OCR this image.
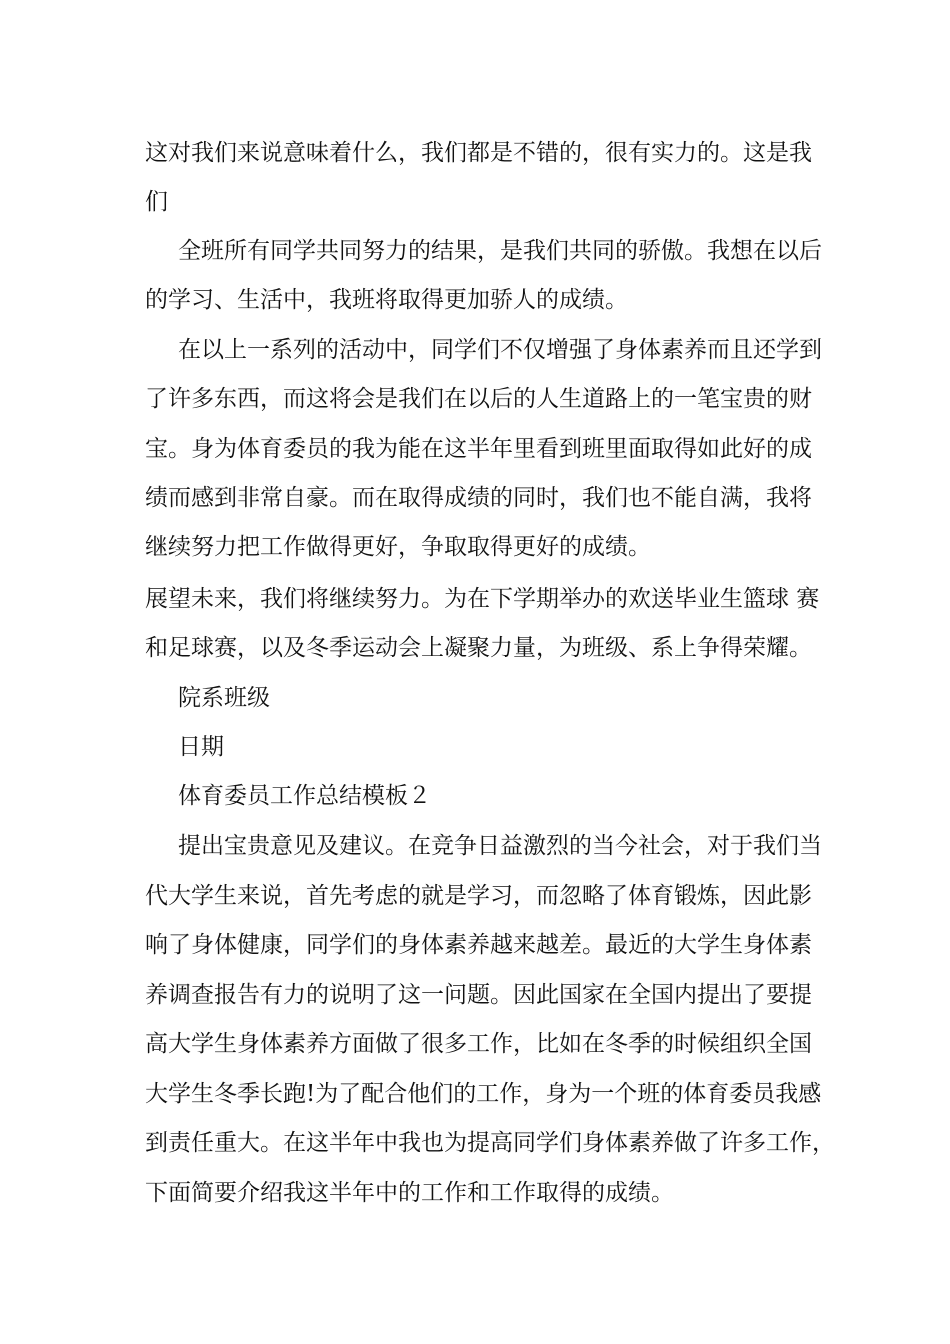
这对我们来说意味着什么，我们都是不错的，很有实力的。这是我
们
全班所有同学共同努力的结果，是我们共同的骄傲。我想在以后
的学习、生活中，我班将取得更加骄人的成绩。
在以上一系列的活动中，同学们不仅增强了身体素养而且还学到
了许多东西，而这将会是我们在以后的人生道路上的一笔宝贵的财
宝。身为体育委员的我为能在这半年里看到班里面取得如此好的成
绩而感到非常自豪。而在取得成绩的同时，我们也不能自满，我将
继续努力把工作做得更好，争取取得更好的成绩。
展望未来，我们将继续努力。为在下学期举办的欢送毕业生篮球 赛
和足球赛，以及冬季运动会上凝聚力量，为班级、系上争得荣耀。
院系班级
日期
体育委员工作总结模板２
提出宝贵意见及建议。在竞争日益激烈的当今社会，对于我们当
代大学生来说，首先考虑的就是学习，而忽略了体育锻炼，因此影
响了身体健康，同学们的身体素养越来越差。最近的大学生身体素
养调查报告有力的说明了这一问题。因此国家在全国内提出了要提
高大学生身体素养方面做了很多工作，比如在冬季的时候组织全国
大学生冬季长跑!为了配合他们的工作，身为一个班的体育委员我感
到责任重大。在这半年中我也为提高同学们身体素养做了许多工作，
下面简要介绍我这半年中的工作和工作取得的成绩。
